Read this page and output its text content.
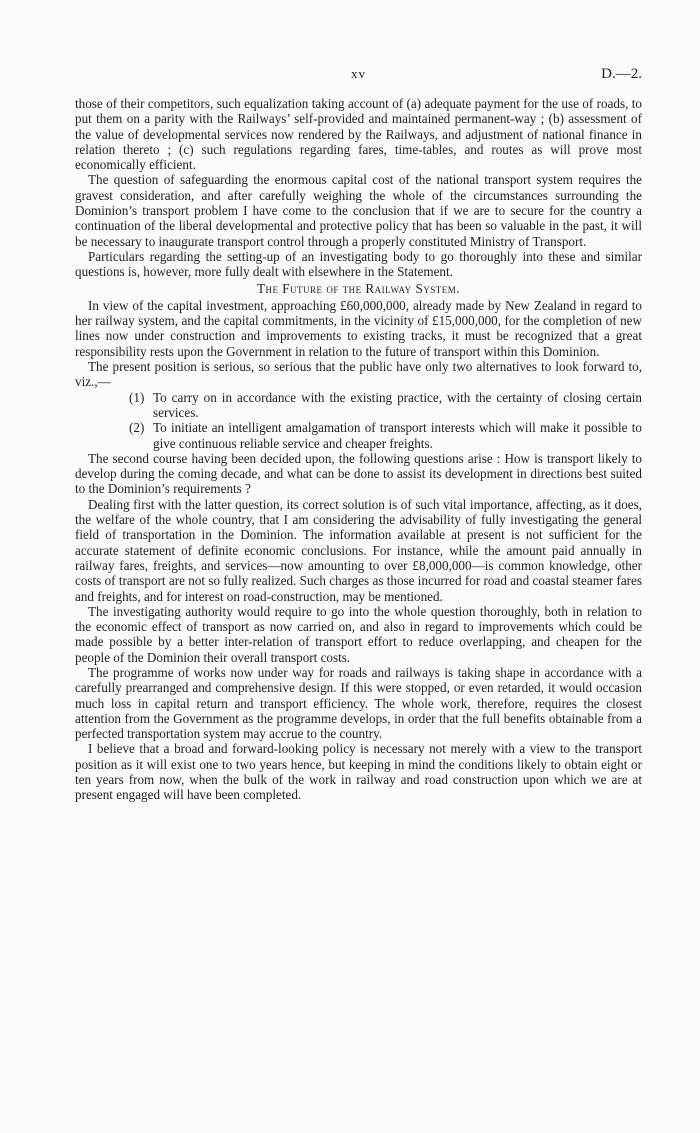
xv	D.—2.

those of their competitors, such equalization taking account of (a) adequate payment for the use of roads, to put them on a parity with the Railways’ self-provided and maintained permanent-way ; (b) assessment of the value of developmental services now rendered by the Railways, and adjustment of national finance in relation thereto ; (c) such regulations regarding fares, time-tables, and routes as will prove most economically efficient.

The question of safeguarding the enormous capital cost of the national transport system requires the gravest consideration, and after carefully weighing the whole of the circumstances surrounding the Dominion’s transport problem I have come to the conclusion that if we are to secure for the country a continuation of the liberal developmental and protective policy that has been so valuable in the past, it will be necessary to inaugurate transport control through a properly constituted Ministry of Transport.

Particulars regarding the setting-up of an investigating body to go thoroughly into these and similar questions is, however, more fully dealt with elsewhere in the Statement.

The Future of the Railway System.

In view of the capital investment, approaching £60,000,000, already made by New Zealand in regard to her railway system, and the capital commitments, in the vicinity of £15,000,000, for the completion of new lines now under construction and improvements to existing tracks, it must be recognized that a great responsibility rests upon the Government in relation to the future of transport within this Dominion.

The present position is serious, so serious that the public have only two alternatives to look forward to, viz.,—

(1) To carry on in accordance with the existing practice, with the certainty of closing certain services.
(2) To initiate an intelligent amalgamation of transport interests which will make it possible to give continuous reliable service and cheaper freights.

The second course having been decided upon, the following questions arise : How is transport likely to develop during the coming decade, and what can be done to assist its development in directions best suited to the Dominion’s requirements ?

Dealing first with the latter question, its correct solution is of such vital importance, affecting, as it does, the welfare of the whole country, that I am considering the advisability of fully investigating the general field of transportation in the Dominion. The information available at present is not sufficient for the accurate statement of definite economic conclusions. For instance, while the amount paid annually in railway fares, freights, and services—now amounting to over £8,000,000—is common knowledge, other costs of transport are not so fully realized. Such charges as those incurred for road and coastal steamer fares and freights, and for interest on road-construction, may be mentioned.

The investigating authority would require to go into the whole question thoroughly, both in relation to the economic effect of transport as now carried on, and also in regard to improvements which could be made possible by a better inter-relation of transport effort to reduce overlapping, and cheapen for the people of the Dominion their overall transport costs.

The programme of works now under way for roads and railways is taking shape in accordance with a carefully prearranged and comprehensive design. If this were stopped, or even retarded, it would occasion much loss in capital return and transport efficiency. The whole work, therefore, requires the closest attention from the Government as the programme develops, in order that the full benefits obtainable from a perfected transportation system may accrue to the country.

I believe that a broad and forward-looking policy is necessary not merely with a view to the transport position as it will exist one to two years hence, but keeping in mind the conditions likely to obtain eight or ten years from now, when the bulk of the work in railway and road construction upon which we are at present engaged will have been completed.
